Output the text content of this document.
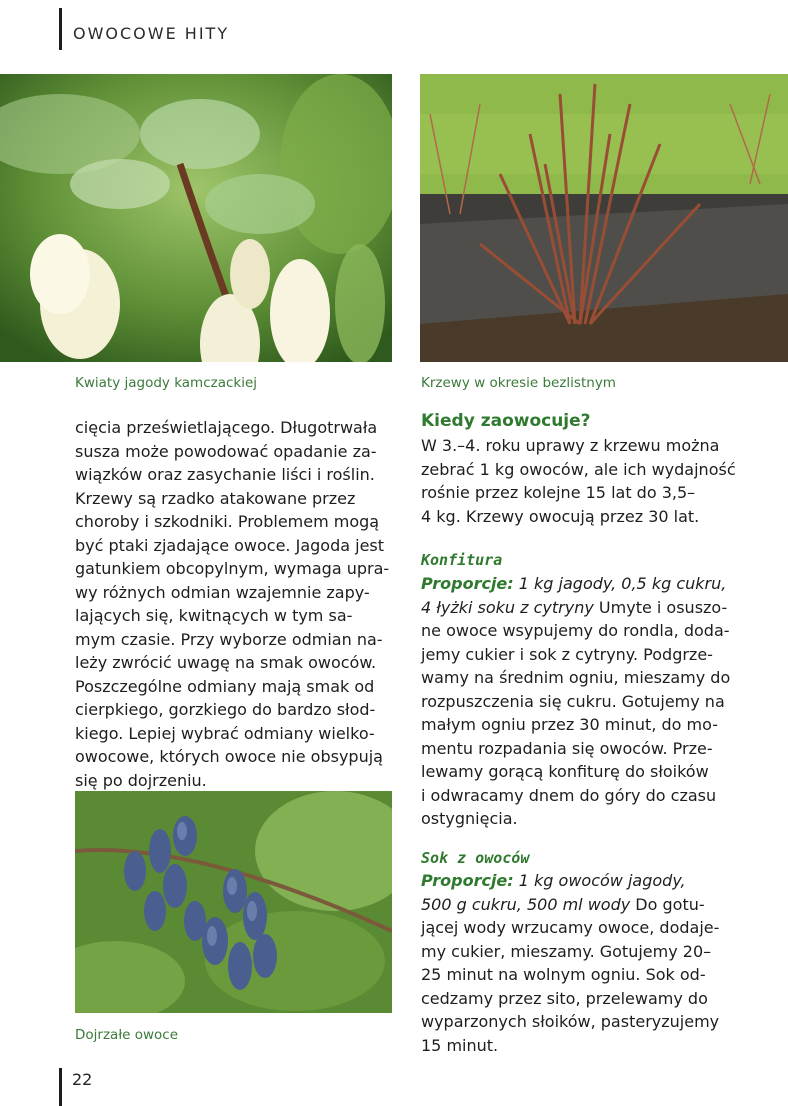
OWOCOWE HITY
Kwiaty jagody kamczackiej	Krzewy w okresie bezlistnym
cięcia prześwietlającego. Długotrwała
susza może powodować opadanie za-
wiązków oraz zasychanie liści i roślin.
Krzewy są rzadko atakowane przez
choroby i szkodniki. Problemem mogą
być ptaki zjadające owoce. Jagoda jest
gatunkiem obcopylnym, wymaga upra-
wy różnych odmian wzajemnie zapy-
lających się, kwitnących w tym sa-
mym czasie. Przy wyborze odmian na-
leży zwrócić uwagę na smak owoców.
Poszczególne odmiany mają smak od
cierpkiego, gorzkiego do bardzo słod-
kiego. Lepiej wybrać odmiany wielko-
owocowe, których owoce nie obsypują
się po dojrzeniu.
Dojrzałe owoce
Kiedy zaowocuje?
W 3.–4. roku uprawy z krzewu można
zebrać 1 kg owoców, ale ich wydajność
rośnie przez kolejne 15 lat do 3,5–
4 kg. Krzewy owocują przez 30 lat.
Konfitura
Proporcje: 1 kg jagody, 0,5 kg cukru,
4 łyżki soku z cytryny Umyte i osuszo-
ne owoce wsypujemy do rondla, doda-
jemy cukier i sok z cytryny. Podgrze-
wamy na średnim ogniu, mieszamy do
rozpuszczenia się cukru. Gotujemy na
małym ogniu przez 30 minut, do mo-
mentu rozpadania się owoców. Prze-
lewamy gorącą konfiturę do słoików
i odwracamy dnem do góry do czasu
ostygnięcia.
Sok z owoców
Proporcje: 1 kg owoców jagody,
500 g cukru, 500 ml wody Do gotu-
jącej wody wrzucamy owoce, dodaje-
my cukier, mieszamy. Gotujemy 20–
25 minut na wolnym ogniu. Sok od-
cedzamy przez sito, przelewamy do
wyparzonych słoików, pasteryzujemy
15 minut.
22
